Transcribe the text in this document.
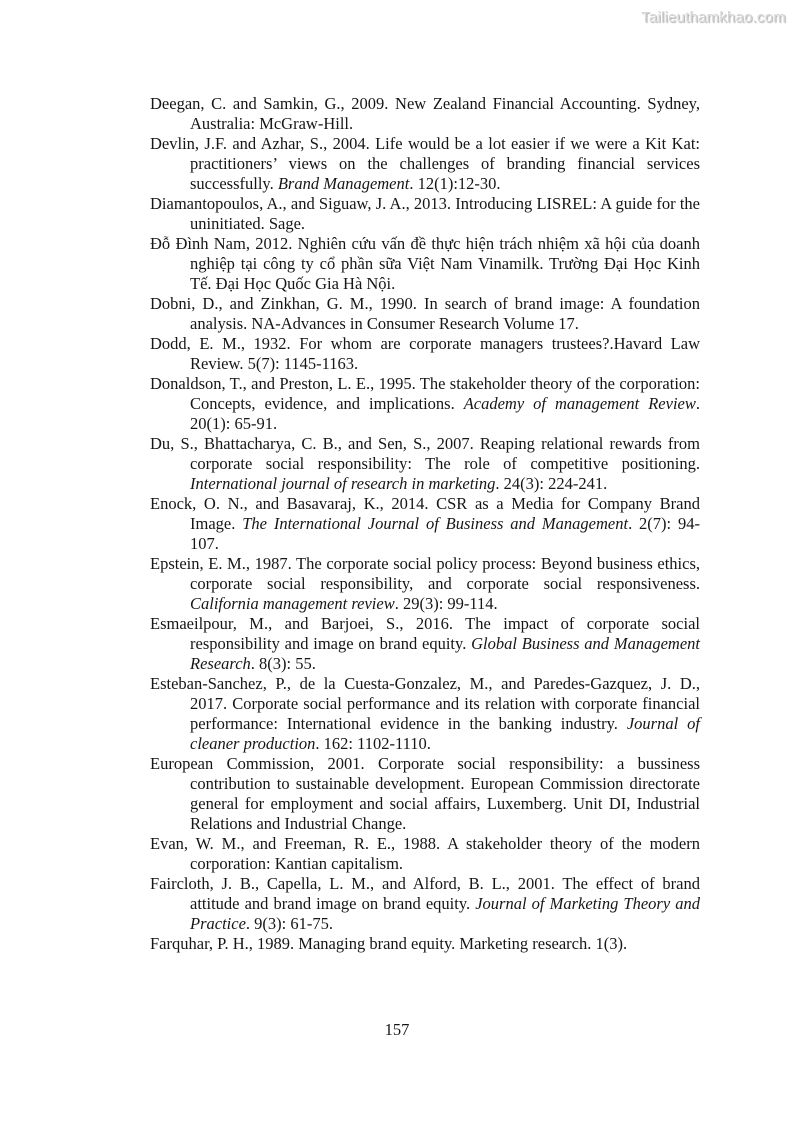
Tailieuthamkhao.com

Deegan, C. and Samkin, G., 2009. New Zealand Financial Accounting. Sydney, Australia: McGraw-Hill.

Devlin, J.F. and Azhar, S., 2004. Life would be a lot easier if we were a Kit Kat: practitioners’ views on the challenges of branding financial services successfully. Brand Management. 12(1):12-30.

Diamantopoulos, A., and Siguaw, J. A., 2013. Introducing LISREL: A guide for the uninitiated. Sage.

Đỗ Đình Nam, 2012. Nghiên cứu vấn đề thực hiện trách nhiệm xã hội của doanh nghiệp tại công ty cổ phần sữa Việt Nam Vinamilk. Trường Đại Học Kinh Tế. Đại Học Quốc Gia Hà Nội.

Dobni, D., and Zinkhan, G. M., 1990. In search of brand image: A foundation analysis. NA-Advances in Consumer Research Volume 17.

Dodd, E. M., 1932. For whom are corporate managers trustees?.Havard Law Review. 5(7): 1145-1163.

Donaldson, T., and Preston, L. E., 1995. The stakeholder theory of the corporation: Concepts, evidence, and implications. Academy of management Review. 20(1): 65-91.

Du, S., Bhattacharya, C. B., and Sen, S., 2007. Reaping relational rewards from corporate social responsibility: The role of competitive positioning. International journal of research in marketing. 24(3): 224-241.

Enock, O. N., and Basavaraj, K., 2014. CSR as a Media for Company Brand Image. The International Journal of Business and Management. 2(7): 94-107.

Epstein, E. M., 1987. The corporate social policy process: Beyond business ethics, corporate social responsibility, and corporate social responsiveness. California management review. 29(3): 99-114.

Esmaeilpour, M., and Barjoei, S., 2016. The impact of corporate social responsibility and image on brand equity. Global Business and Management Research. 8(3): 55.

Esteban-Sanchez, P., de la Cuesta-Gonzalez, M., and Paredes-Gazquez, J. D., 2017. Corporate social performance and its relation with corporate financial performance: International evidence in the banking industry. Journal of cleaner production. 162: 1102-1110.

European Commission, 2001. Corporate social responsibility: a bussiness contribution to sustainable development. European Commission directorate general for employment and social affairs, Luxemberg. Unit DI, Industrial Relations and Industrial Change.

Evan, W. M., and Freeman, R. E., 1988. A stakeholder theory of the modern corporation: Kantian capitalism.

Faircloth, J. B., Capella, L. M., and Alford, B. L., 2001. The effect of brand attitude and brand image on brand equity. Journal of Marketing Theory and Practice. 9(3): 61-75.

Farquhar, P. H., 1989. Managing brand equity. Marketing research. 1(3).

157
